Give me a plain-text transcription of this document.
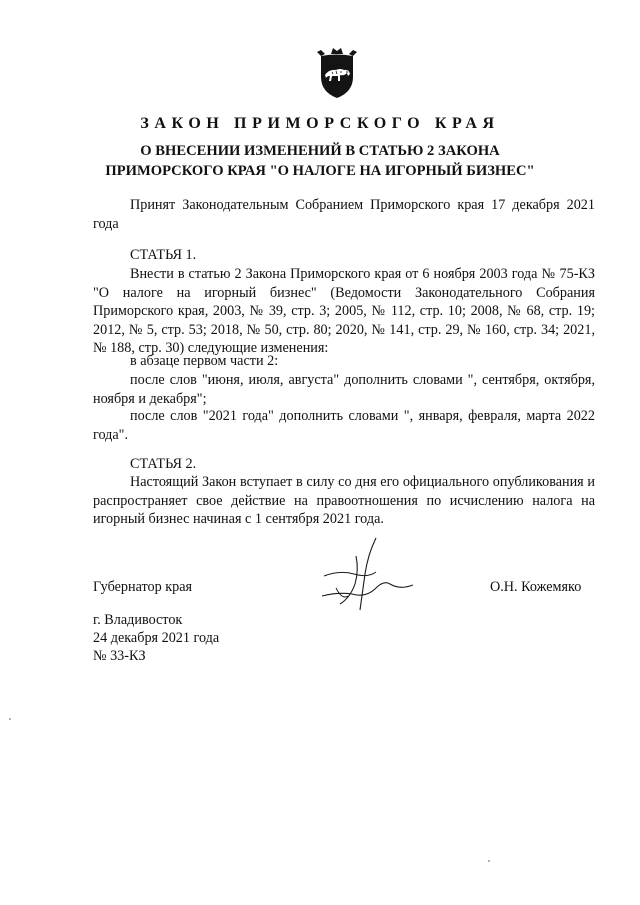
ЗАКОН ПРИМОРСКОГО КРАЯ
О ВНЕСЕНИИ ИЗМЕНЕНИЙ В СТАТЬЮ 2 ЗАКОНА
ПРИМОРСКОГО КРАЯ "О НАЛОГЕ НА ИГОРНЫЙ БИЗНЕС"
Принят Законодательным Собранием Приморского края 17 декабря 2021 года
СТАТЬЯ 1.
Внести в статью 2 Закона Приморского края от 6 ноября 2003 года № 75-КЗ "О налоге на игорный бизнес" (Ведомости Законодательного Собрания Приморского края, 2003, № 39, стр. 3; 2005, № 112, стр. 10; 2008, № 68, стр. 19; 2012, № 5, стр. 53; 2018, № 50, стр. 80; 2020, № 141, стр. 29, № 160, стр. 34; 2021, № 188, стр. 30) следующие изменения:
в абзаце первом части 2:
после слов "июня, июля, августа" дополнить словами ", сентября, октября, ноября и декабря";
после слов "2021 года" дополнить словами ", января, февраля, марта 2022 года".
СТАТЬЯ 2.
Настоящий Закон вступает в силу со дня его официального опубликования и распространяет свое действие на правоотношения по исчислению налога на игорный бизнес начиная с 1 сентября 2021 года.
Губернатор края	О.Н. Кожемяко
г. Владивосток
24 декабря 2021 года
№ 33-КЗ
